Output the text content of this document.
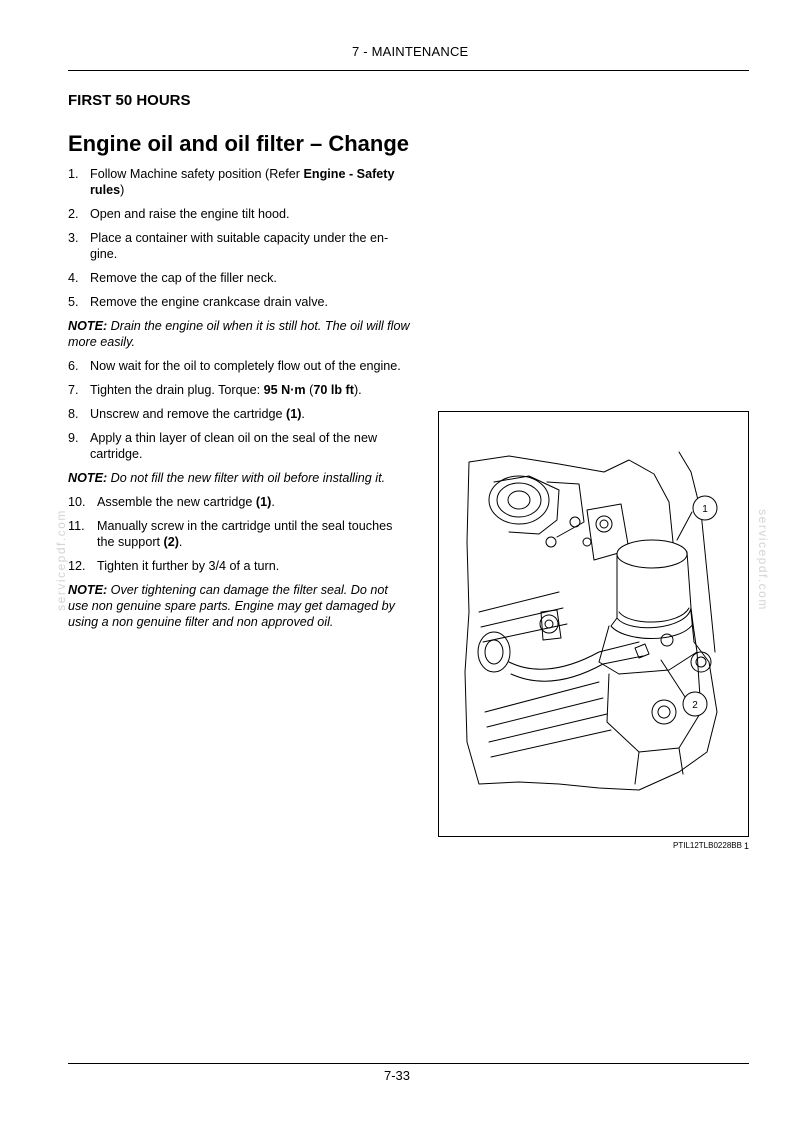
7 - MAINTENANCE
FIRST 50 HOURS
Engine oil and oil filter – Change
1. Follow Machine safety position (Refer Engine - Safety rules)
2. Open and raise the engine tilt hood.
3. Place a container with suitable capacity under the en-gine.
4. Remove the cap of the filler neck.
5. Remove the engine crankcase drain valve.
NOTE: Drain the engine oil when it is still hot. The oil will flow more easily.
6. Now wait for the oil to completely flow out of the engine.
7. Tighten the drain plug. Torque: 95 N·m (70 lb ft).
8. Unscrew and remove the cartridge (1).
9. Apply a thin layer of clean oil on the seal of the new cartridge.
NOTE: Do not fill the new filter with oil before installing it.
10. Assemble the new cartridge (1).
11. Manually screw in the cartridge until the seal touches the support (2).
12. Tighten it further by 3/4 of a turn.
NOTE: Over tightening can damage the filter seal. Do not use non genuine spare parts. Engine may get damaged by using a non genuine filter and non approved oil.
1
2
PTIL12TLB0228BB 1
7-33
servicepdf.com	servicepdf.com
